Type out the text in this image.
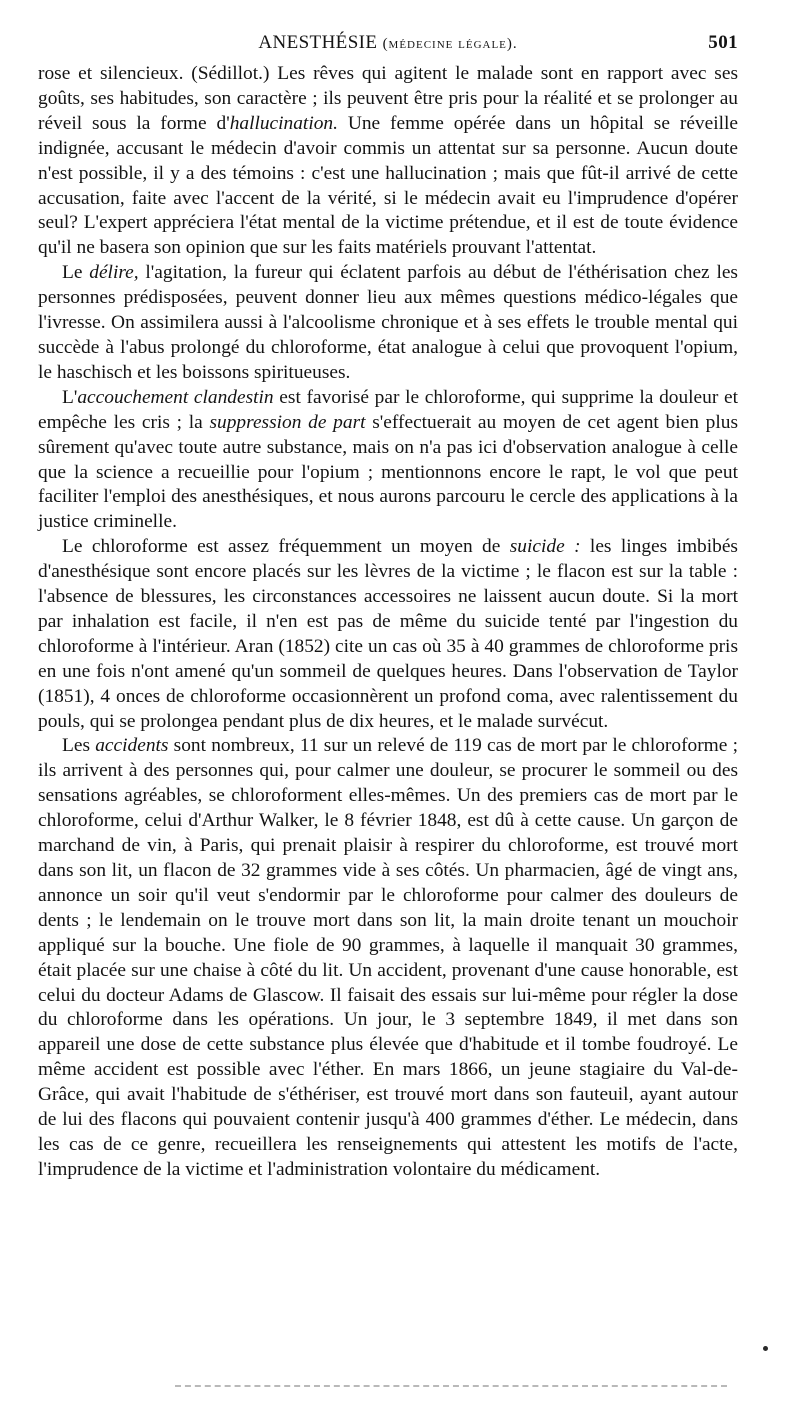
ANESTHÉSIE (médecine légale).	501

rose et silencieux. (Sédillot.) Les rêves qui agitent le malade sont en rapport avec ses goûts, ses habitudes, son caractère ; ils peuvent être pris pour la réalité et se prolonger au réveil sous la forme d'hallucination. Une femme opérée dans un hôpital se réveille indignée, accusant le médecin d'avoir commis un attentat sur sa personne. Aucun doute n'est possible, il y a des témoins : c'est une hallucination ; mais que fût-il arrivé de cette accusation, faite avec l'accent de la vérité, si le médecin avait eu l'imprudence d'opérer seul? L'expert appréciera l'état mental de la victime prétendue, et il est de toute évidence qu'il ne basera son opinion que sur les faits matériels prouvant l'attentat.

Le délire, l'agitation, la fureur qui éclatent parfois au début de l'éthérisation chez les personnes prédisposées, peuvent donner lieu aux mêmes questions médico-légales que l'ivresse. On assimilera aussi à l'alcoolisme chronique et à ses effets le trouble mental qui succède à l'abus prolongé du chloroforme, état analogue à celui que provoquent l'opium, le haschisch et les boissons spiritueuses.

L'accouchement clandestin est favorisé par le chloroforme, qui supprime la douleur et empêche les cris ; la suppression de part s'effectuerait au moyen de cet agent bien plus sûrement qu'avec toute autre substance, mais on n'a pas ici d'observation analogue à celle que la science a recueillie pour l'opium ; mentionnons encore le rapt, le vol que peut faciliter l'emploi des anesthésiques, et nous aurons parcouru le cercle des applications à la justice criminelle.

Le chloroforme est assez fréquemment un moyen de suicide : les linges imbibés d'anesthésique sont encore placés sur les lèvres de la victime ; le flacon est sur la table : l'absence de blessures, les circonstances accessoires ne laissent aucun doute. Si la mort par inhalation est facile, il n'en est pas de même du suicide tenté par l'ingestion du chloroforme à l'intérieur. Aran (1852) cite un cas où 35 à 40 grammes de chloroforme pris en une fois n'ont amené qu'un sommeil de quelques heures. Dans l'observation de Taylor (1851), 4 onces de chloroforme occasionnèrent un profond coma, avec ralentissement du pouls, qui se prolongea pendant plus de dix heures, et le malade survécut.

Les accidents sont nombreux, 11 sur un relevé de 119 cas de mort par le chloroforme ; ils arrivent à des personnes qui, pour calmer une douleur, se procurer le sommeil ou des sensations agréables, se chloroforment elles-mêmes. Un des premiers cas de mort par le chloroforme, celui d'Arthur Walker, le 8 février 1848, est dû à cette cause. Un garçon de marchand de vin, à Paris, qui prenait plaisir à respirer du chloroforme, est trouvé mort dans son lit, un flacon de 32 grammes vide à ses côtés. Un pharmacien, âgé de vingt ans, annonce un soir qu'il veut s'endormir par le chloroforme pour calmer des douleurs de dents ; le lendemain on le trouve mort dans son lit, la main droite tenant un mouchoir appliqué sur la bouche. Une fiole de 90 grammes, à laquelle il manquait 30 grammes, était placée sur une chaise à côté du lit. Un accident, provenant d'une cause honorable, est celui du docteur Adams de Glascow. Il faisait des essais sur lui-même pour régler la dose du chloroforme dans les opérations. Un jour, le 3 septembre 1849, il met dans son appareil une dose de cette substance plus élevée que d'habitude et il tombe foudroyé. Le même accident est possible avec l'éther. En mars 1866, un jeune stagiaire du Val-de-Grâce, qui avait l'habitude de s'éthériser, est trouvé mort dans son fauteuil, ayant autour de lui des flacons qui pouvaient contenir jusqu'à 400 grammes d'éther. Le médecin, dans les cas de ce genre, recueillera les renseignements qui attestent les motifs de l'acte, l'imprudence de la victime et l'administration volontaire du médicament.
